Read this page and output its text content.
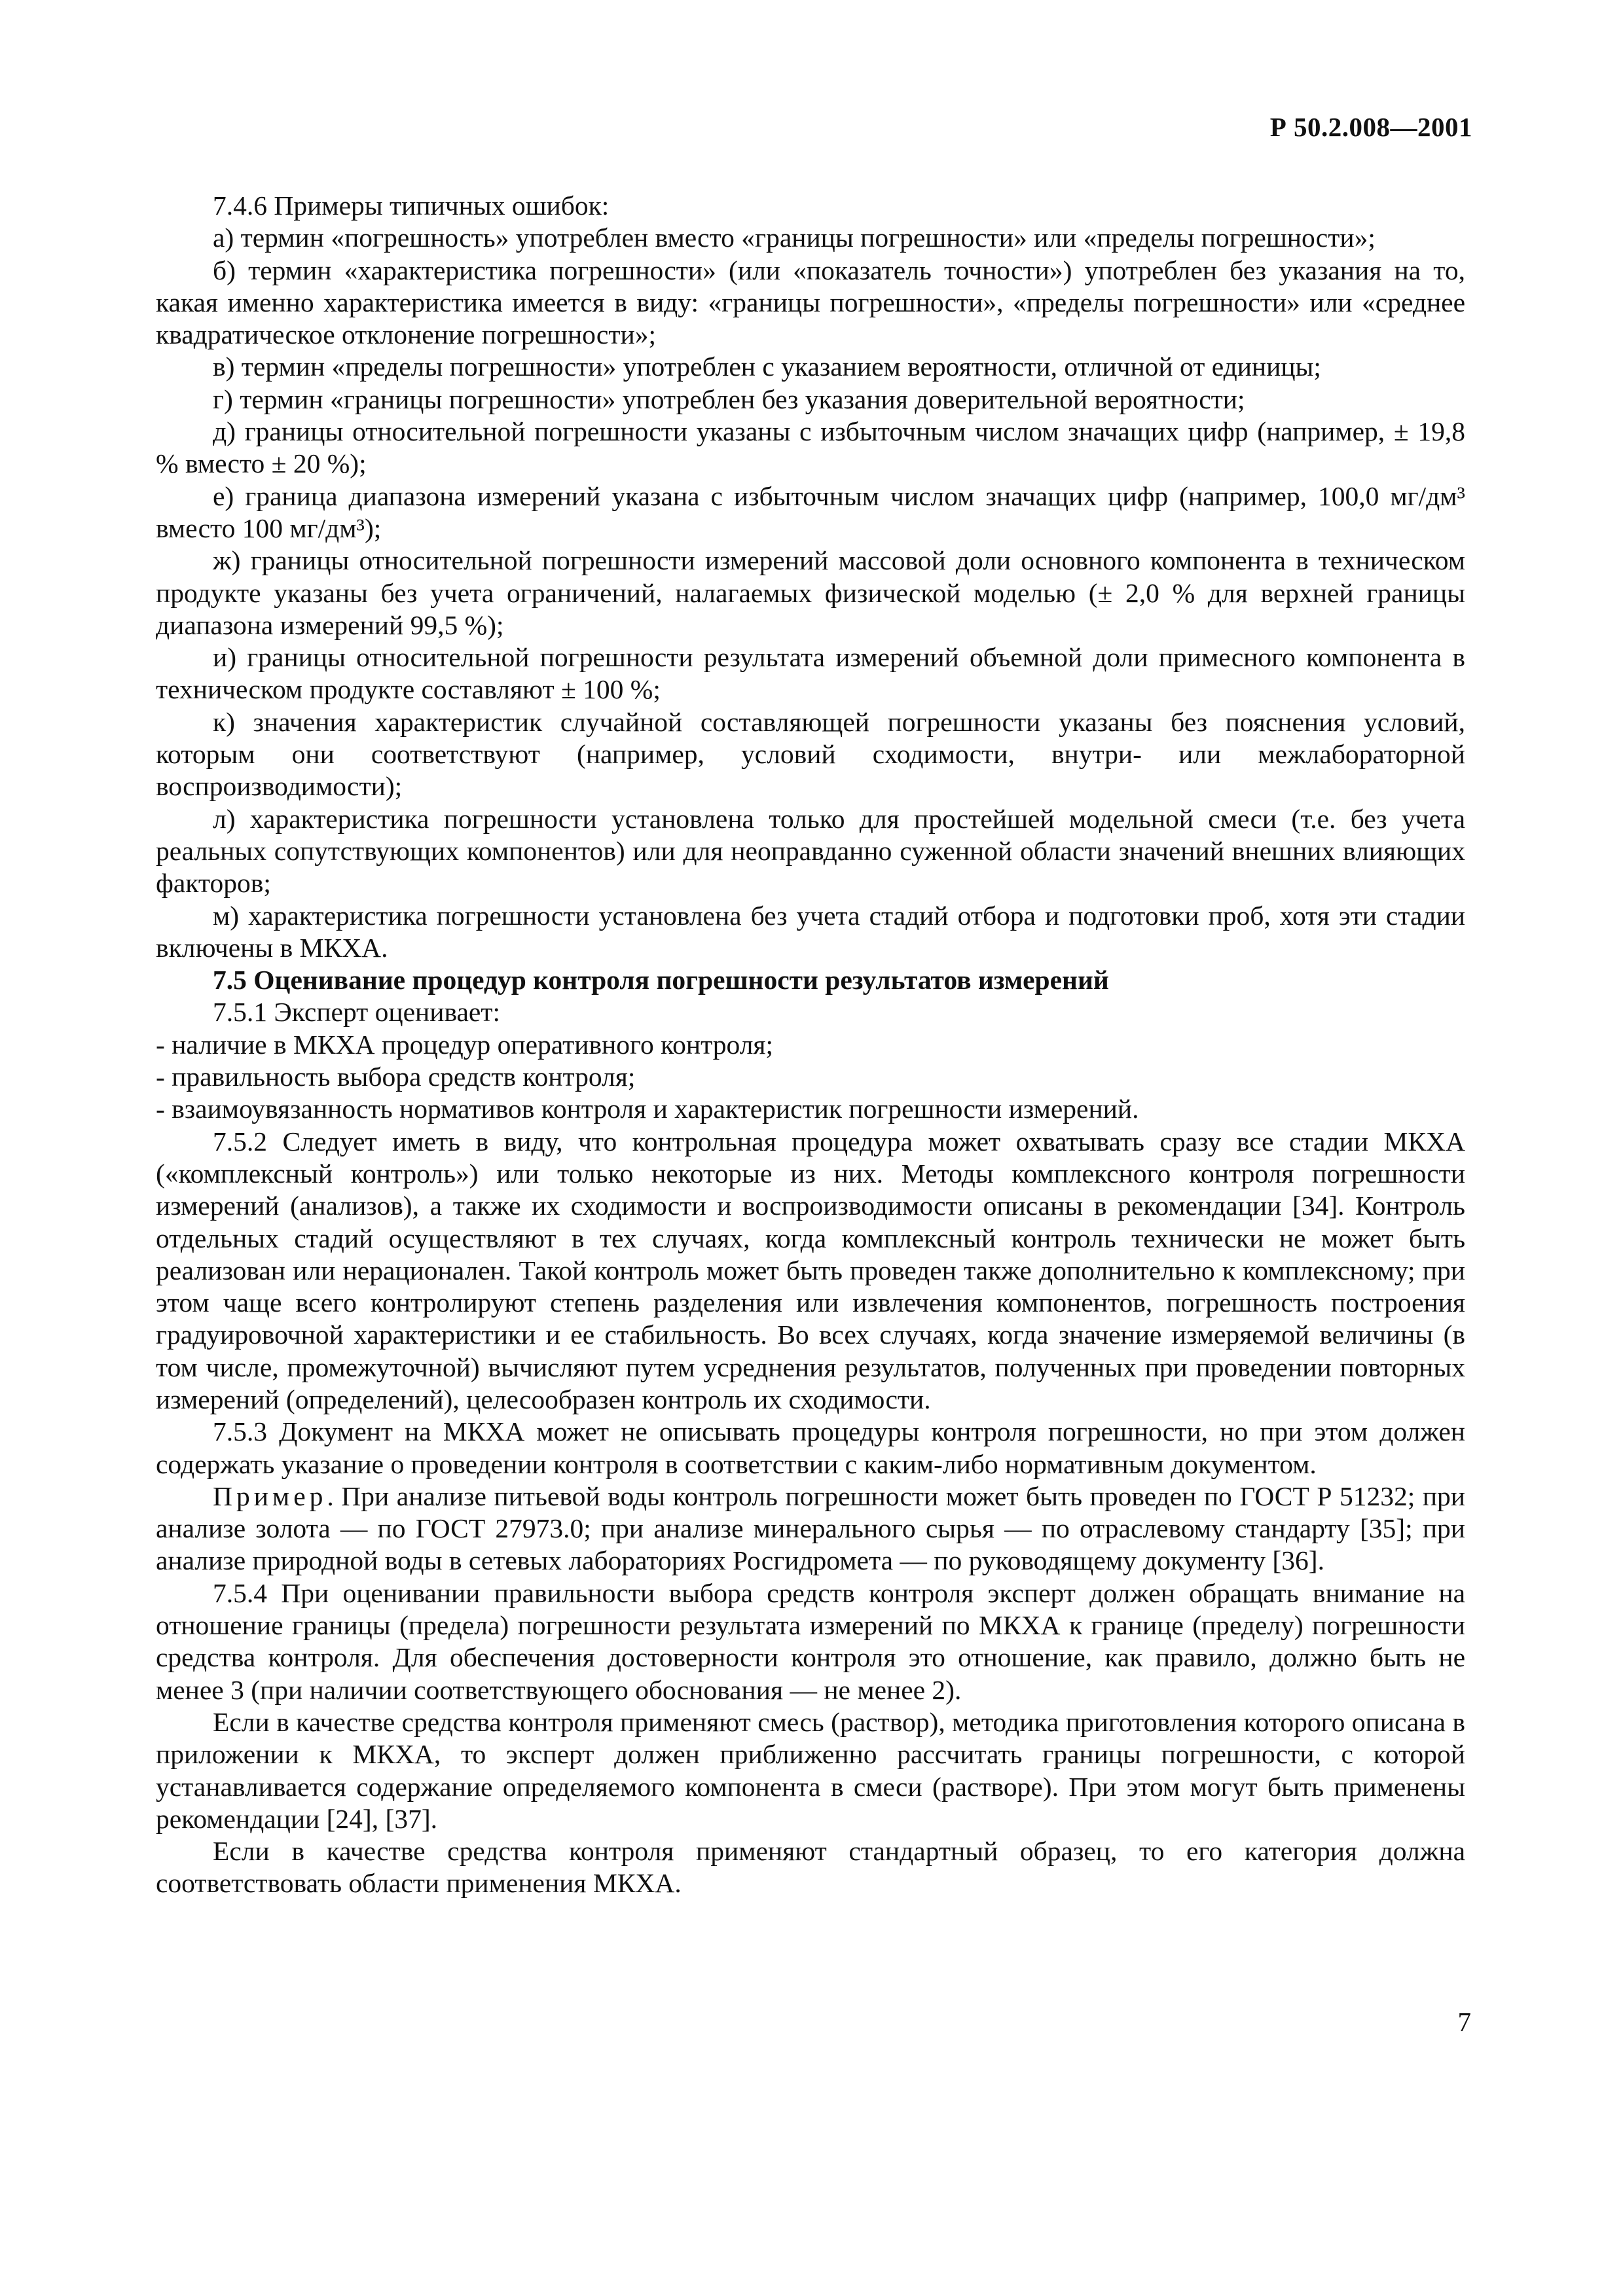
Р 50.2.008—2001

7.4.6 Примеры типичных ошибок:

а) термин «погрешность» употреблен вместо «границы погрешности» или «пределы погрешности»;

б) термин «характеристика погрешности» (или «показатель точности») употреблен без указания на то, какая именно характеристика имеется в виду: «границы погрешности», «пределы погрешности» или «среднее квадратическое отклонение погрешности»;

в) термин «пределы погрешности» употреблен с указанием вероятности, отличной от единицы;

г) термин «границы погрешности» употреблен без указания доверительной вероятности;

д) границы относительной погрешности указаны с избыточным числом значащих цифр (например, ± 19,8 % вместо ± 20 %);

е) граница диапазона измерений указана с избыточным числом значащих цифр (например, 100,0 мг/дм³ вместо 100 мг/дм³);

ж) границы относительной погрешности измерений массовой доли основного компонента в техническом продукте указаны без учета ограничений, налагаемых физической моделью (± 2,0 % для верхней границы диапазона измерений 99,5 %);

и) границы относительной погрешности результата измерений объемной доли примесного компонента в техническом продукте составляют ± 100 %;

к) значения характеристик случайной составляющей погрешности указаны без пояснения условий, которым они соответствуют (например, условий сходимости, внутри- или межлабораторной воспроизводимости);

л) характеристика погрешности установлена только для простейшей модельной смеси (т.е. без учета реальных сопутствующих компонентов) или для неоправданно суженной области значений внешних влияющих факторов;

м) характеристика погрешности установлена без учета стадий отбора и подготовки проб, хотя эти стадии включены в МКХА.

7.5 Оценивание процедур контроля погрешности результатов измерений

7.5.1 Эксперт оценивает:

- наличие в МКХА процедур оперативного контроля;

- правильность выбора средств контроля;

- взаимоувязанность нормативов контроля и характеристик погрешности измерений.

7.5.2 Следует иметь в виду, что контрольная процедура может охватывать сразу все стадии МКХА («комплексный контроль») или только некоторые из них. Методы комплексного контроля погрешности измерений (анализов), а также их сходимости и воспроизводимости описаны в рекомендации [34]. Контроль отдельных стадий осуществляют в тех случаях, когда комплексный контроль технически не может быть реализован или нерационален. Такой контроль может быть проведен также дополнительно к комплексному; при этом чаще всего контролируют степень разделения или извлечения компонентов, погрешность построения градуировочной характеристики и ее стабильность. Во всех случаях, когда значение измеряемой величины (в том числе, промежуточной) вычисляют путем усреднения результатов, полученных при проведении повторных измерений (определений), целесообразен контроль их сходимости.

7.5.3 Документ на МКХА может не описывать процедуры контроля погрешности, но при этом должен содержать указание о проведении контроля в соответствии с каким-либо нормативным документом.

Пример. При анализе питьевой воды контроль погрешности может быть проведен по ГОСТ Р 51232; при анализе золота — по ГОСТ 27973.0; при анализе минерального сырья — по отраслевому стандарту [35]; при анализе природной воды в сетевых лабораториях Росгидромета — по руководящему документу [36].

7.5.4 При оценивании правильности выбора средств контроля эксперт должен обращать внимание на отношение границы (предела) погрешности результата измерений по МКХА к границе (пределу) погрешности средства контроля. Для обеспечения достоверности контроля это отношение, как правило, должно быть не менее 3 (при наличии соответствующего обоснования — не менее 2).

Если в качестве средства контроля применяют смесь (раствор), методика приготовления которого описана в приложении к МКХА, то эксперт должен приближенно рассчитать границы погрешности, с которой устанавливается содержание определяемого компонента в смеси (растворе). При этом могут быть применены рекомендации [24], [37].

Если в качестве средства контроля применяют стандартный образец, то его категория должна соответствовать области применения МКХА.

7
